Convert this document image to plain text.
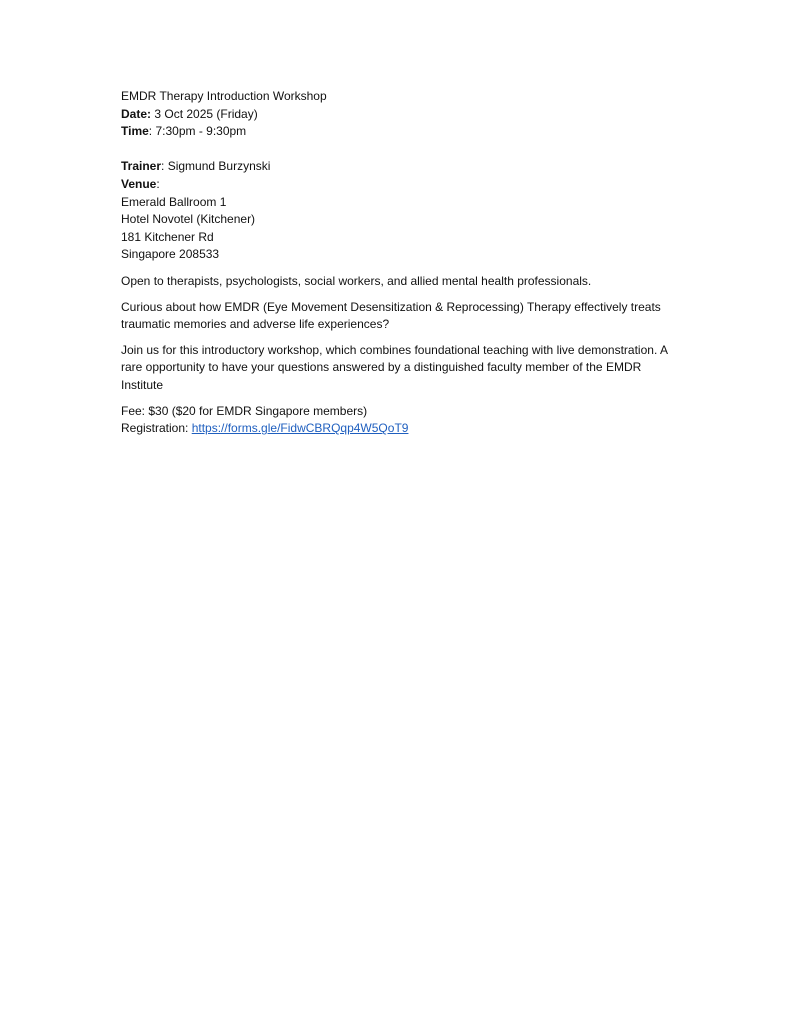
EMDR Therapy Introduction Workshop
Date: 3 Oct 2025 (Friday)
Time: 7:30pm - 9:30pm
Trainer: Sigmund Burzynski
Venue:
Emerald Ballroom 1
Hotel Novotel (Kitchener)
181 Kitchener Rd
Singapore 208533
Open to therapists, psychologists, social workers, and allied mental health professionals.
Curious about how EMDR (Eye Movement Desensitization & Reprocessing) Therapy effectively treats traumatic memories and adverse life experiences?
Join us for this introductory workshop, which combines foundational teaching with live demonstration. A rare opportunity to have your questions answered by a distinguished faculty member of the EMDR Institute
Fee: $30 ($20 for EMDR Singapore members)
Registration: https://forms.gle/FidwCBRQqp4W5QoT9
